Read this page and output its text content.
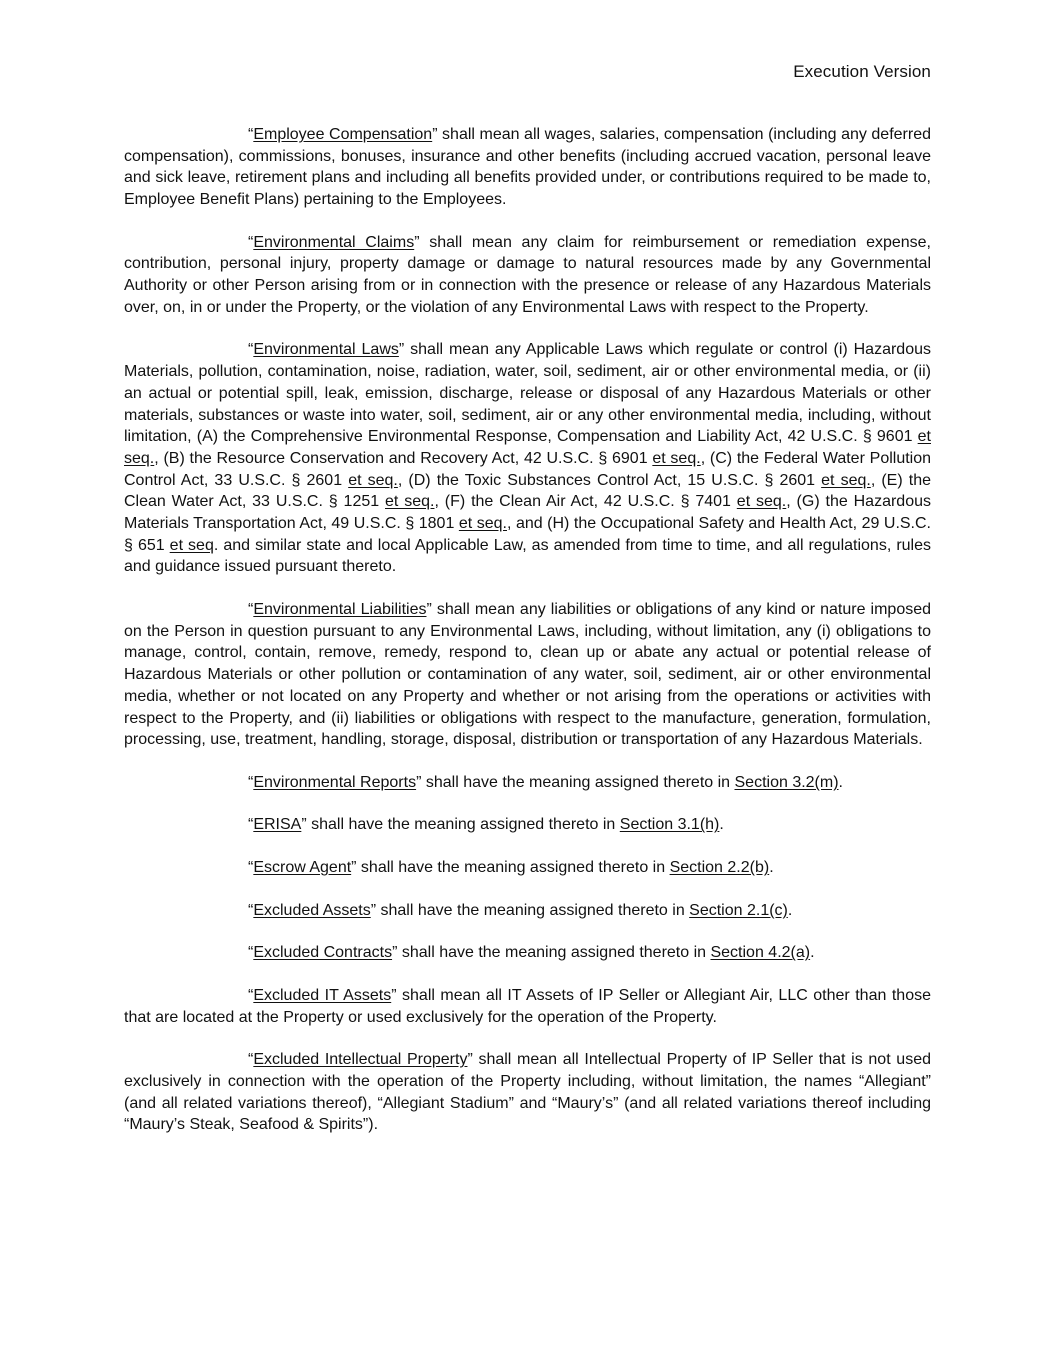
Execution Version

“Employee Compensation” shall mean all wages, salaries, compensation (including any deferred compensation), commissions, bonuses, insurance and other benefits (including accrued vacation, personal leave and sick leave, retirement plans and including all benefits provided under, or contributions required to be made to, Employee Benefit Plans) pertaining to the Employees.

“Environmental Claims” shall mean any claim for reimbursement or remediation expense, contribution, personal injury, property damage or damage to natural resources made by any Governmental Authority or other Person arising from or in connection with the presence or release of any Hazardous Materials over, on, in or under the Property, or the violation of any Environmental Laws with respect to the Property.

“Environmental Laws” shall mean any Applicable Laws which regulate or control (i) Hazardous Materials, pollution, contamination, noise, radiation, water, soil, sediment, air or other environmental media, or (ii) an actual or potential spill, leak, emission, discharge, release or disposal of any Hazardous Materials or other materials, substances or waste into water, soil, sediment, air or any other environmental media, including, without limitation, (A) the Comprehensive Environmental Response, Compensation and Liability Act, 42 U.S.C. § 9601 et seq., (B) the Resource Conservation and Recovery Act, 42 U.S.C. § 6901 et seq., (C) the Federal Water Pollution Control Act, 33 U.S.C. § 2601 et seq., (D) the Toxic Substances Control Act, 15 U.S.C. § 2601 et seq., (E) the Clean Water Act, 33 U.S.C. § 1251 et seq., (F) the Clean Air Act, 42 U.S.C. § 7401 et seq., (G) the Hazardous Materials Transportation Act, 49 U.S.C. § 1801 et seq., and (H) the Occupational Safety and Health Act, 29 U.S.C. § 651 et seq. and similar state and local Applicable Law, as amended from time to time, and all regulations, rules and guidance issued pursuant thereto.

“Environmental Liabilities” shall mean any liabilities or obligations of any kind or nature imposed on the Person in question pursuant to any Environmental Laws, including, without limitation, any (i) obligations to manage, control, contain, remove, remedy, respond to, clean up or abate any actual or potential release of Hazardous Materials or other pollution or contamination of any water, soil, sediment, air or other environmental media, whether or not located on any Property and whether or not arising from the operations or activities with respect to the Property, and (ii) liabilities or obligations with respect to the manufacture, generation, formulation, processing, use, treatment, handling, storage, disposal, distribution or transportation of any Hazardous Materials.

“Environmental Reports” shall have the meaning assigned thereto in Section 3.2(m).

“ERISA” shall have the meaning assigned thereto in Section 3.1(h).

“Escrow Agent” shall have the meaning assigned thereto in Section 2.2(b).

“Excluded Assets” shall have the meaning assigned thereto in Section 2.1(c).

“Excluded Contracts” shall have the meaning assigned thereto in Section 4.2(a).

“Excluded IT Assets” shall mean all IT Assets of IP Seller or Allegiant Air, LLC other than those that are located at the Property or used exclusively for the operation of the Property.

“Excluded Intellectual Property” shall mean all Intellectual Property of IP Seller that is not used exclusively in connection with the operation of the Property including, without limitation, the names “Allegiant” (and all related variations thereof), “Allegiant Stadium” and “Maury’s” (and all related variations thereof including “Maury’s Steak, Seafood & Spirits”).
